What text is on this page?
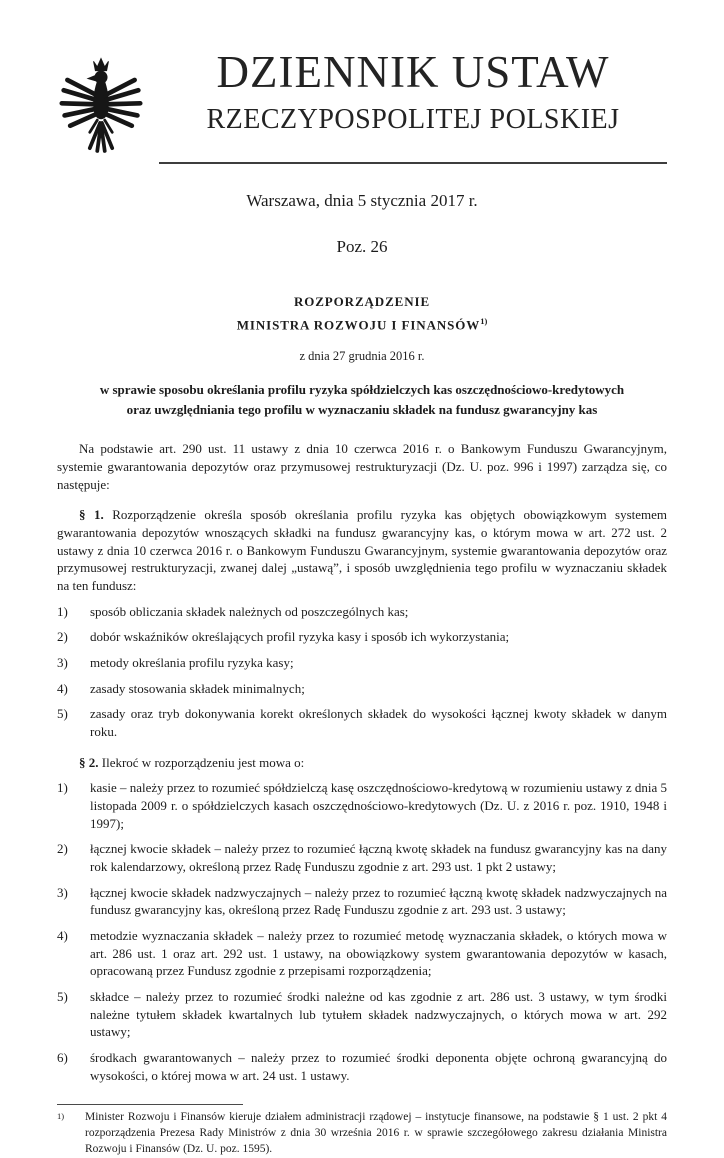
DZIENNIK USTAW
RZECZYPOSPOLITEJ POLSKIEJ
Warszawa, dnia 5 stycznia 2017 r.
Poz. 26
ROZPORZĄDZENIE
MINISTRA ROZWOJU I FINANSÓW$^{1)}$
z dnia 27 grudnia 2016 r.
w sprawie sposobu określania profilu ryzyka spółdzielczych kas oszczędnościowo-kredytowych
oraz uwzględniania tego profilu w wyznaczaniu składek na fundusz gwarancyjny kas

Na podstawie art. 290 ust. 11 ustawy z dnia 10 czerwca 2016 r. o Bankowym Funduszu Gwarancyjnym, systemie gwarantowania depozytów oraz przymusowej restrukturyzacji (Dz. U. poz. 996 i 1997) zarządza się, co następuje:

§ 1. Rozporządzenie określa sposób określania profilu ryzyka kas objętych obowiązkowym systemem gwarantowania depozytów wnoszących składki na fundusz gwarancyjny kas, o którym mowa w art. 272 ust. 2 ustawy z dnia 10 czerwca 2016 r. o Bankowym Funduszu Gwarancyjnym, systemie gwarantowania depozytów oraz przymusowej restrukturyzacji, zwanej dalej „ustawą”, i sposób uwzględnienia tego profilu w wyznaczaniu składek na ten fundusz:

1)	sposób obliczania składek należnych od poszczególnych kas;
2)	dobór wskaźników określających profil ryzyka kasy i sposób ich wykorzystania;
3)	metody określania profilu ryzyka kasy;
4)	zasady stosowania składek minimalnych;
5)	zasady oraz tryb dokonywania korekt określonych składek do wysokości łącznej kwoty składek w danym roku.

§ 2. Ilekroć w rozporządzeniu jest mowa o:

1)	kasie – należy przez to rozumieć spółdzielczą kasę oszczędnościowo-kredytową w rozumieniu ustawy z dnia 5 listopada 2009 r. o spółdzielczych kasach oszczędnościowo-kredytowych (Dz. U. z 2016 r. poz. 1910, 1948 i 1997);
2)	łącznej kwocie składek – należy przez to rozumieć łączną kwotę składek na fundusz gwarancyjny kas na dany rok kalendarzowy, określoną przez Radę Funduszu zgodnie z art. 293 ust. 1 pkt 2 ustawy;
3)	łącznej kwocie składek nadzwyczajnych – należy przez to rozumieć łączną kwotę składek nadzwyczajnych na fundusz gwarancyjny kas, określoną przez Radę Funduszu zgodnie z art. 293 ust. 3 ustawy;
4)	metodzie wyznaczania składek – należy przez to rozumieć metodę wyznaczania składek, o których mowa w art. 286 ust. 1 oraz art. 292 ust. 1 ustawy, na obowiązkowy system gwarantowania depozytów w kasach, opracowaną przez Fundusz zgodnie z przepisami rozporządzenia;
5)	składce – należy przez to rozumieć środki należne od kas zgodnie z art. 286 ust. 3 ustawy, w tym środki należne tytułem składek kwartalnych lub tytułem składek nadzwyczajnych, o których mowa w art. 292 ustawy;
6)	środkach gwarantowanych – należy przez to rozumieć środki deponenta objęte ochroną gwarancyjną do wysokości, o której mowa w art. 24 ust. 1 ustawy.
1)	Minister Rozwoju i Finansów kieruje działem administracji rządowej – instytucje finansowe, na podstawie § 1 ust. 2 pkt 4 rozporządzenia Prezesa Rady Ministrów z dnia 30 września 2016 r. w sprawie szczegółowego zakresu działania Ministra Rozwoju i Finansów (Dz. U. poz. 1595).
